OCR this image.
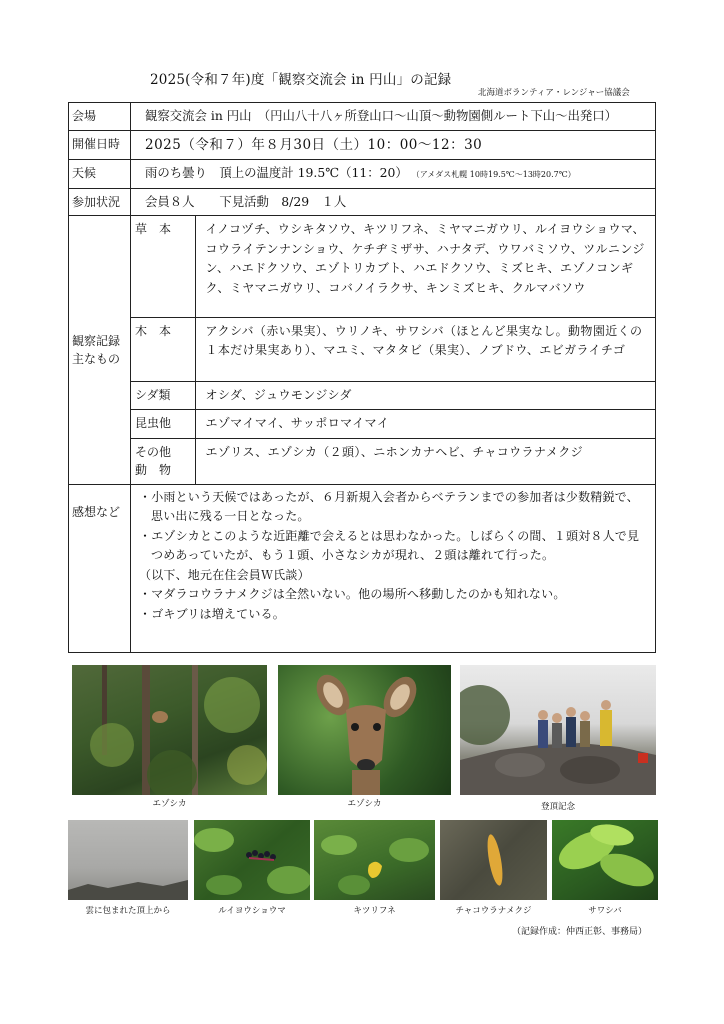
2025(令和７年)度「観察交流会 in 円山」の記録
北海道ボランティア・レンジャー協議会
会場	観察交流会 in 円山　（円山八十八ヶ所登山口～山頂～動物園側ルート下山～出発口）
開催日時	2025（令和７）年８月30日（土）10：00～12：30
天候	雨のち曇り　頂上の温度計 19.5℃（11：20） （アメダス札幌 10時19.5℃～13時20.7℃）
参加状況	会員８人　　下見活動　8/29　１人

観察記録
主なもの

草　本	イノコヅチ、ウシキタソウ、キツリフネ、ミヤマニガウリ、ルイヨウショウマ、コウライテンナンショウ、ケチヂミザサ、ハナタデ、ウワバミソウ、ツルニンジン、ハエドクソウ、エゾトリカブト、ハエドクソウ、ミズヒキ、エゾノコンギク、ミヤマニガウリ、コバノイラクサ、キンミズヒキ、クルマバソウ
木　本	アクシバ（赤い果実）、ウリノキ、サワシバ（ほとんど果実なし。動物園近くの１本だけ果実あり）、マユミ、マタタビ（果実）、ノブドウ、エビガライチゴ
シダ類	オシダ、ジュウモンジシダ
昆虫他	エゾマイマイ、サッポロマイマイ
その他
動　物	エゾリス、エゾシカ（２頭）、ニホンカナヘビ、チャコウラナメクジ

感想など	
・小雨という天候ではあったが、６月新規入会者からベテランまでの参加者は少数精鋭で、思い出に残る一日となった。
・エゾシカとこのような近距離で会えるとは思わなかった。しばらくの間、１頭対８人で見つめあっていたが、もう１頭、小さなシカが現れ、２頭は離れて行った。
（以下、地元在住会員Ｗ氏談）
・マダラコウラナメクジは全然いない。他の場所へ移動したのかも知れない。
・ゴキブリは増えている。
エゾシカ	エゾシカ	登頂記念
雲に包まれた頂上から	ルイヨウショウマ	キツリフネ	チャコウラナメクジ	サワシバ
（記録作成：仲西正彰、事務局）
